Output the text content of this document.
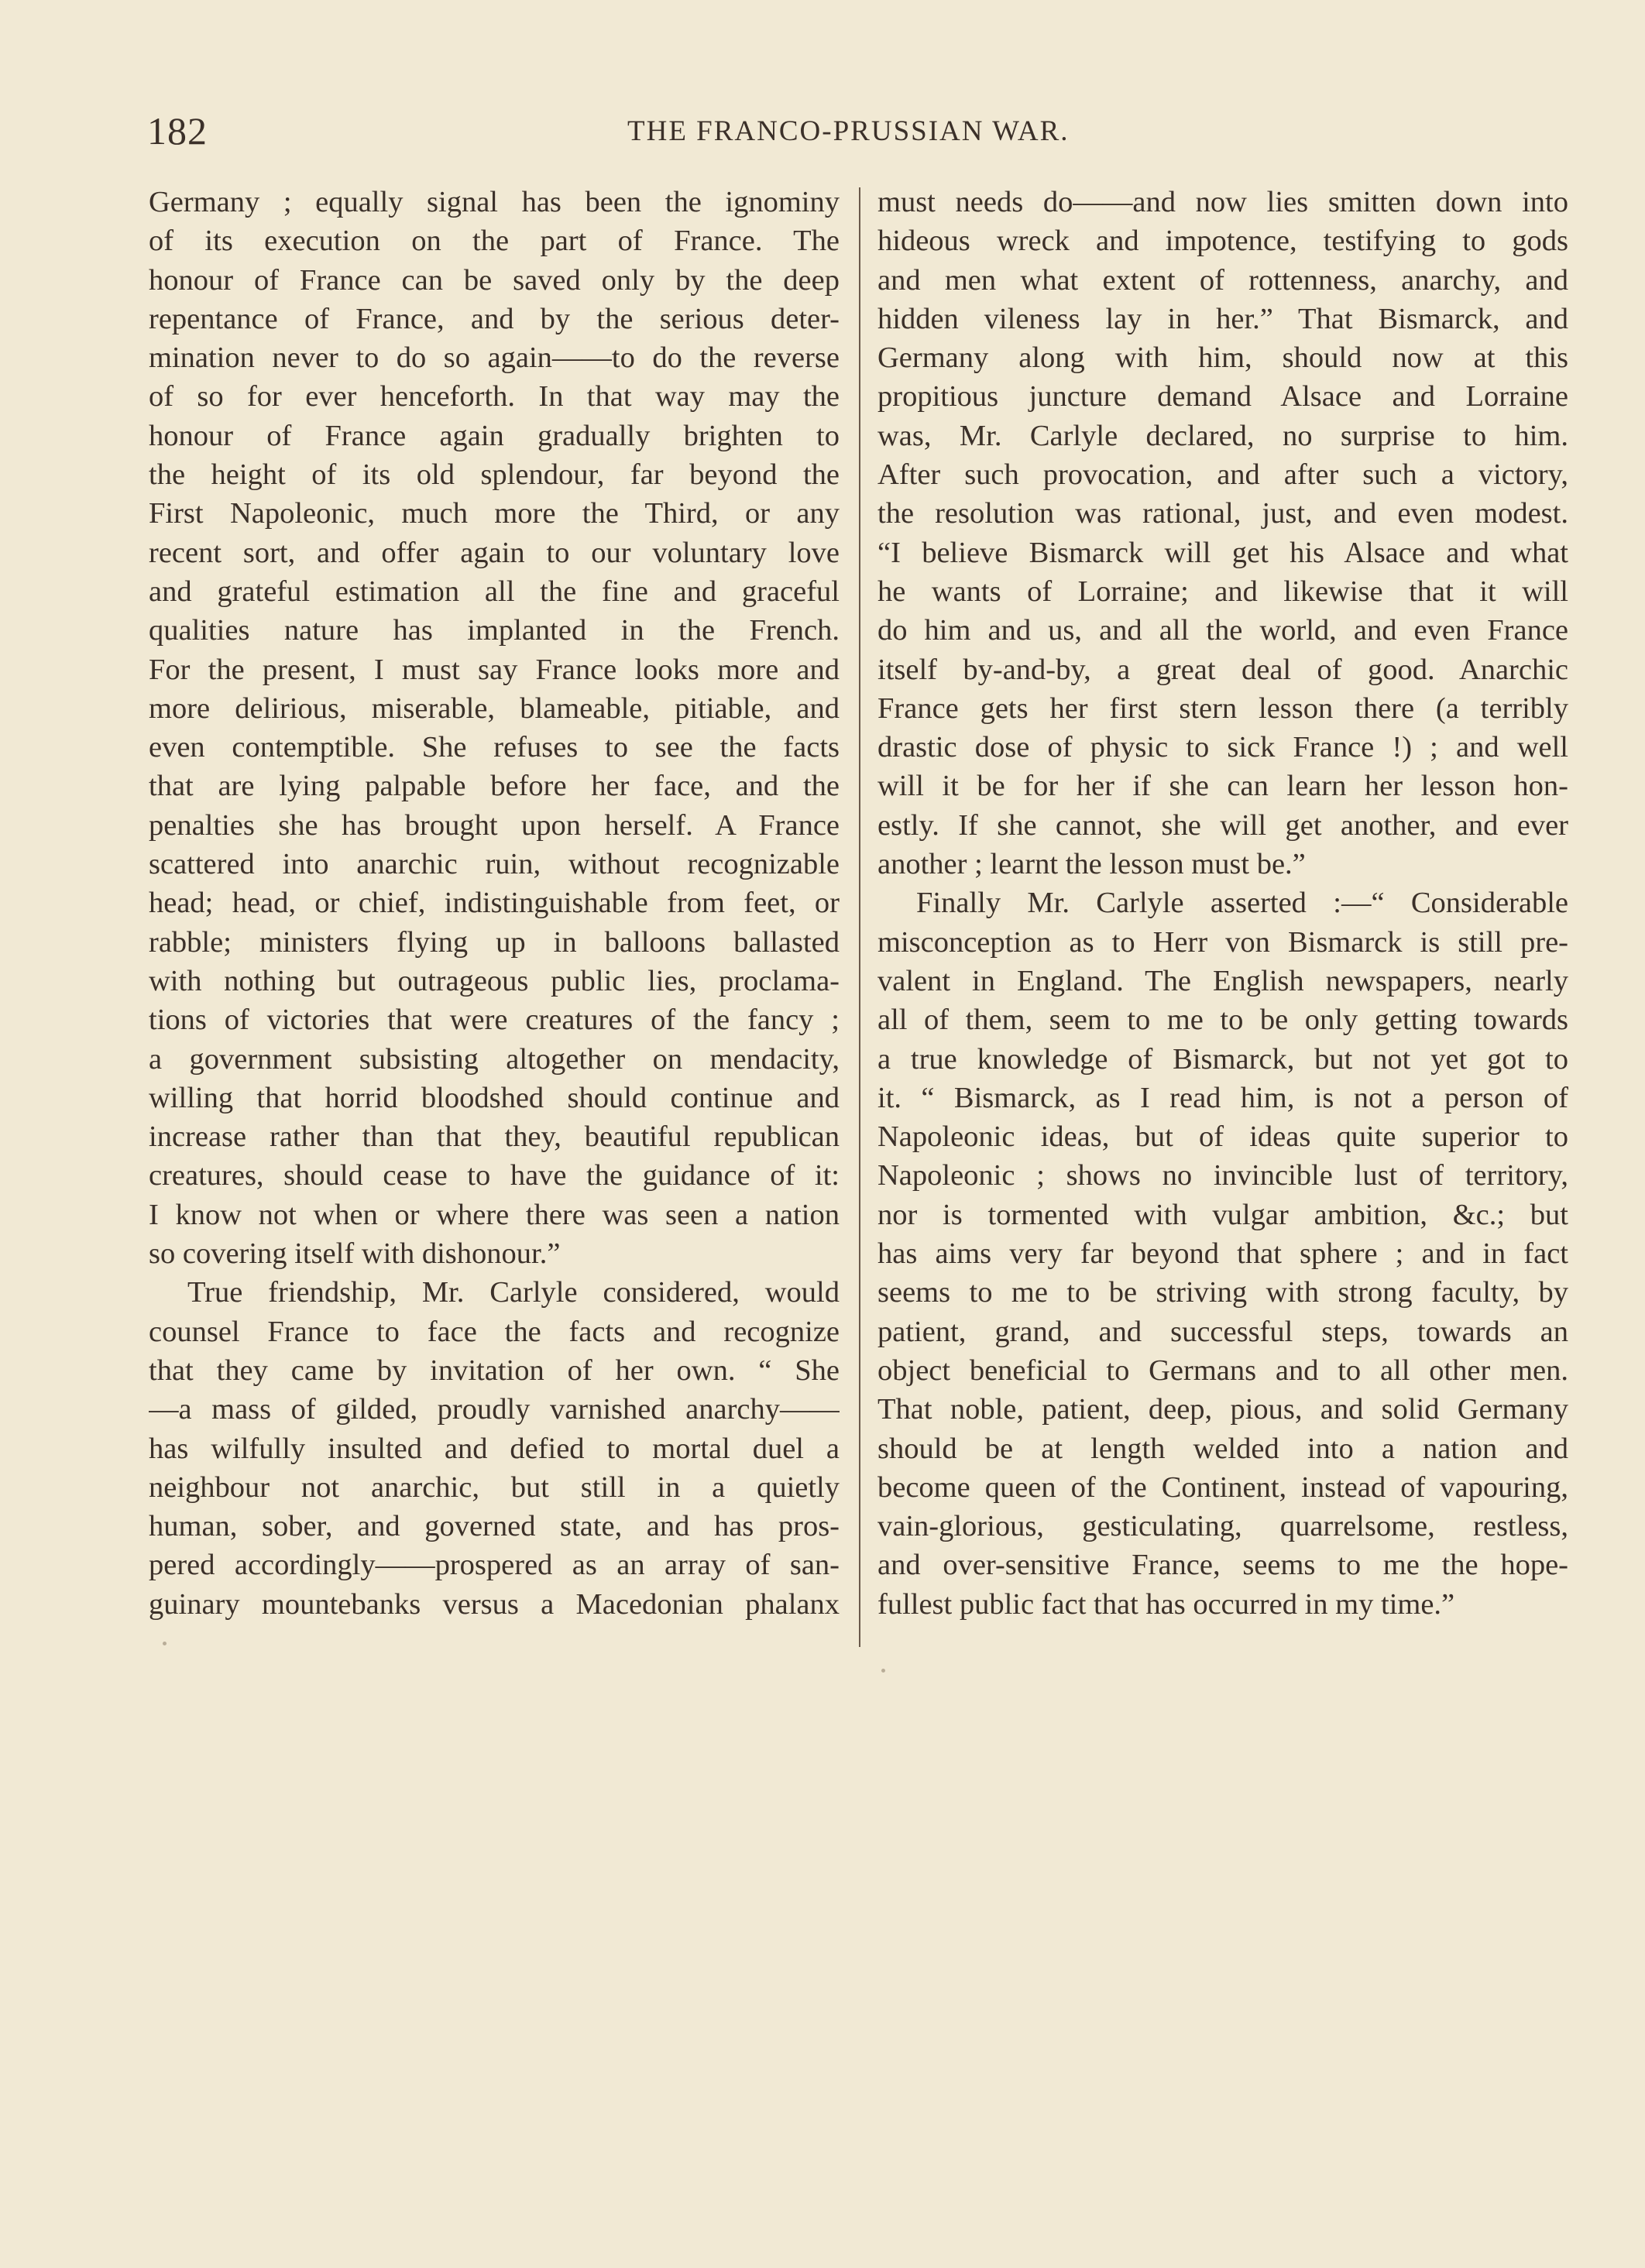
182	THE FRANCO-PRUSSIAN WAR.
Germany ; equally signal has been the ignominy
of its execution on the part of France. The
honour of France can be saved only by the deep
repentance of France, and by the serious deter-
mination never to do so again——to do the reverse
of so for ever henceforth. In that way may the
honour of France again gradually brighten to
the height of its old splendour, far beyond the
First Napoleonic, much more the Third, or any
recent sort, and offer again to our voluntary love
and grateful estimation all the fine and graceful
qualities nature has implanted in the French.
For the present, I must say France looks more and
more delirious, miserable, blameable, pitiable, and
even contemptible. She refuses to see the facts
that are lying palpable before her face, and the
penalties she has brought upon herself. A France
scattered into anarchic ruin, without recognizable
head; head, or chief, indistinguishable from feet, or
rabble; ministers flying up in balloons ballasted
with nothing but outrageous public lies, proclama-
tions of victories that were creatures of the fancy ;
a government subsisting altogether on mendacity,
willing that horrid bloodshed should continue and
increase rather than that they, beautiful republican
creatures, should cease to have the guidance of it:
I know not when or where there was seen a nation
so covering itself with dishonour.”
True friendship, Mr. Carlyle considered, would
counsel France to face the facts and recognize
that they came by invitation of her own. “ She
—a mass of gilded, proudly varnished anarchy——
has wilfully insulted and defied to mortal duel a
neighbour not anarchic, but still in a quietly
human, sober, and governed state, and has pros-
pered accordingly——prospered as an array of san-
guinary mountebanks versus a Macedonian phalanx
must needs do——and now lies smitten down into
hideous wreck and impotence, testifying to gods
and men what extent of rottenness, anarchy, and
hidden vileness lay in her.” That Bismarck, and
Germany along with him, should now at this
propitious juncture demand Alsace and Lorraine
was, Mr. Carlyle declared, no surprise to him.
After such provocation, and after such a victory,
the resolution was rational, just, and even modest.
“I believe Bismarck will get his Alsace and what
he wants of Lorraine; and likewise that it will
do him and us, and all the world, and even France
itself by-and-by, a great deal of good. Anarchic
France gets her first stern lesson there (a terribly
drastic dose of physic to sick France !) ; and well
will it be for her if she can learn her lesson hon-
estly. If she cannot, she will get another, and ever
another ; learnt the lesson must be.”
Finally Mr. Carlyle asserted :—“ Considerable
misconception as to Herr von Bismarck is still pre-
valent in England. The English newspapers, nearly
all of them, seem to me to be only getting towards
a true knowledge of Bismarck, but not yet got to
it. “ Bismarck, as I read him, is not a person of
Napoleonic ideas, but of ideas quite superior to
Napoleonic ; shows no invincible lust of territory,
nor is tormented with vulgar ambition, &c.; but
has aims very far beyond that sphere ; and in fact
seems to me to be striving with strong faculty, by
patient, grand, and successful steps, towards an
object beneficial to Germans and to all other men.
That noble, patient, deep, pious, and solid Germany
should be at length welded into a nation and
become queen of the Continent, instead of vapouring,
vain-glorious, gesticulating, quarrelsome, restless,
and over-sensitive France, seems to me the hope-
fullest public fact that has occurred in my time.”
